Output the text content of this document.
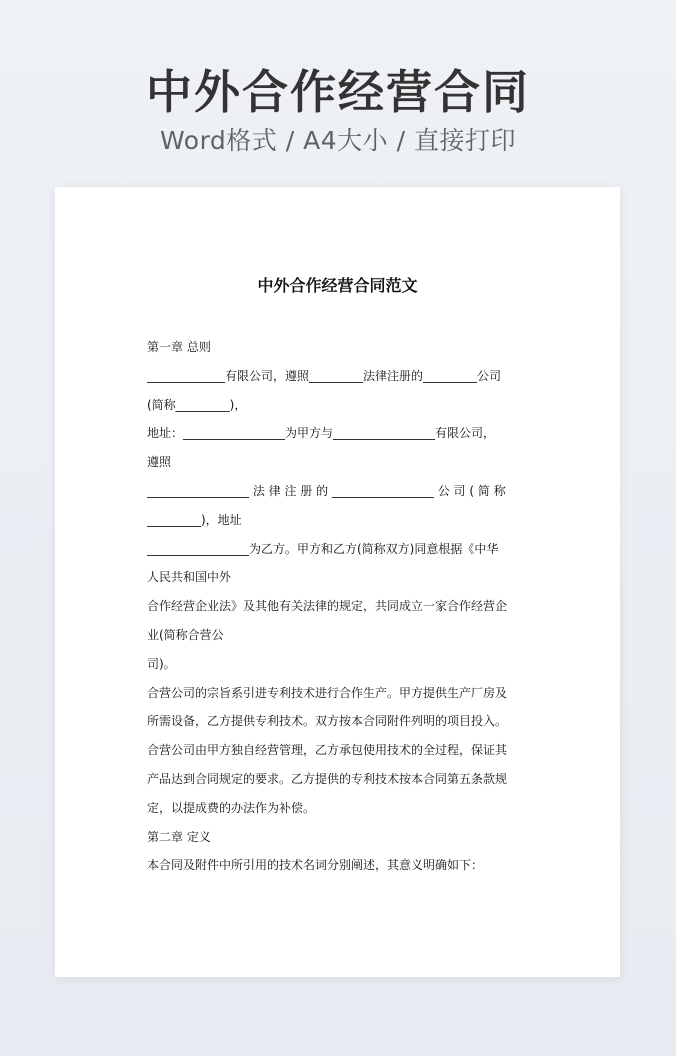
中外合作经营合同
Word格式 / A4大小 / 直接打印
中外合作经营合同范文
第一章 总则
_____________有限公司，遵照_________法律注册的_________公司
(简称_________)，
地址：_________________为甲方与_________________有限公司，
遵照
_________________ 法 律 注 册 的 _________________ 公 司 ( 简 称
_________)，地址
_________________为乙方。甲方和乙方(简称双方)同意根据《中华
人民共和国中外
合作经营企业法》及其他有关法律的规定，共同成立一家合作经营企
业(简称合营公
司)。
合营公司的宗旨系引进专利技术进行合作生产。甲方提供生产厂房及
所需设备，乙方提供专利技术。双方按本合同附件列明的项目投入。
合营公司由甲方独自经营管理，乙方承包使用技术的全过程，保证其
产品达到合同规定的要求。乙方提供的专利技术按本合同第五条款规
定，以提成费的办法作为补偿。
第二章 定义
本合同及附件中所引用的技术名词分别阐述，其意义明确如下：
